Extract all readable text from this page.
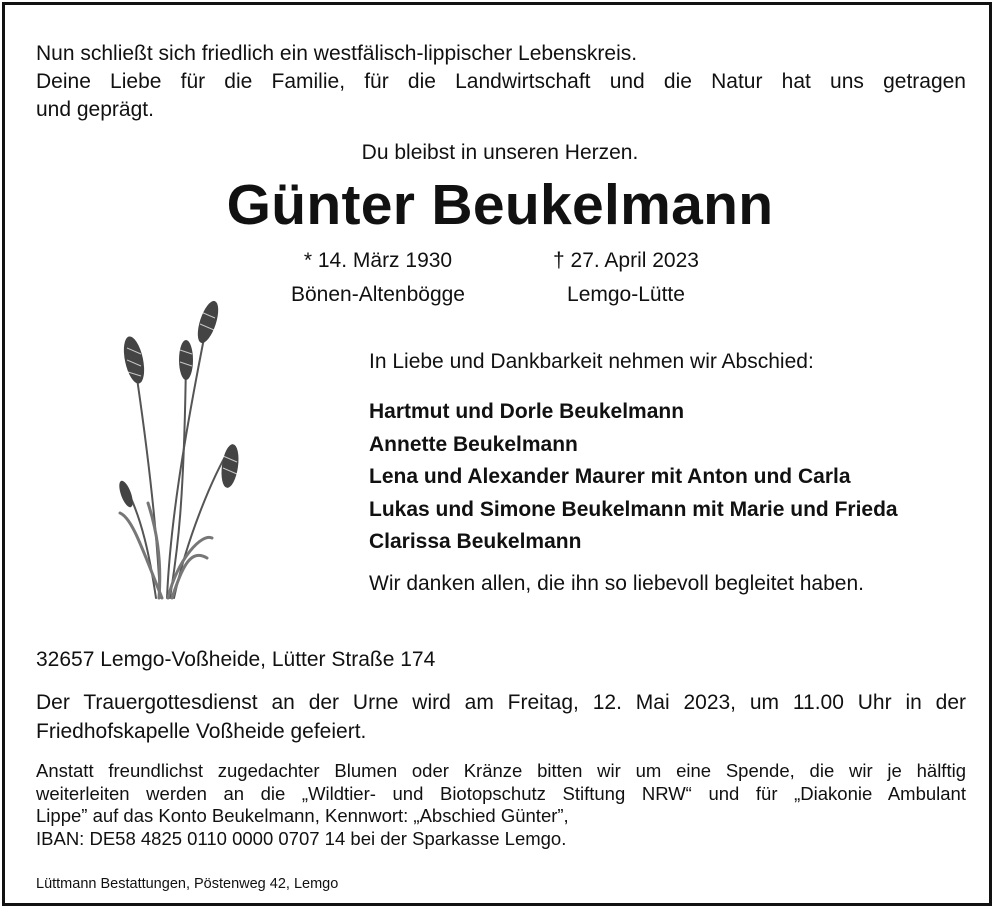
Nun schließt sich friedlich ein westfälisch-lippischer Lebenskreis.

Deine Liebe für die Familie, für die Landwirtschaft und die Natur hat uns getragen

und geprägt.

Du bleibst in unseren Herzen.
Günter Beukelmann
* 14. März 1930
Bönen-Altenbögge
† 27. April 2023
Lemgo-Lütte
In Liebe und Dankbarkeit nehmen wir Abschied:
Hartmut und Dorle Beukelmann
Annette Beukelmann
Lena und Alexander Maurer mit Anton und Carla
Lukas und Simone Beukelmann mit Marie und Frieda
Clarissa Beukelmann
Wir danken allen, die ihn so liebevoll begleitet haben.
32657 Lemgo-Voßheide, Lütter Straße 174

Der Trauergottesdienst an der Urne wird am Freitag, 12. Mai 2023, um 11.00 Uhr in der

Friedhofskapelle Voßheide gefeiert.

Anstatt freundlichst zugedachter Blumen oder Kränze bitten wir um eine Spende, die wir je hälftig

weiterleiten werden an die „Wildtier- und Biotopschutz Stiftung NRW“ und für „Diakonie Ambulant

Lippe” auf das Konto Beukelmann, Kennwort: „Abschied Günter”,

IBAN: DE58 4825 0110 0000 0707 14 bei der Sparkasse Lemgo.

Lüttmann Bestattungen, Pöstenweg 42, Lemgo
